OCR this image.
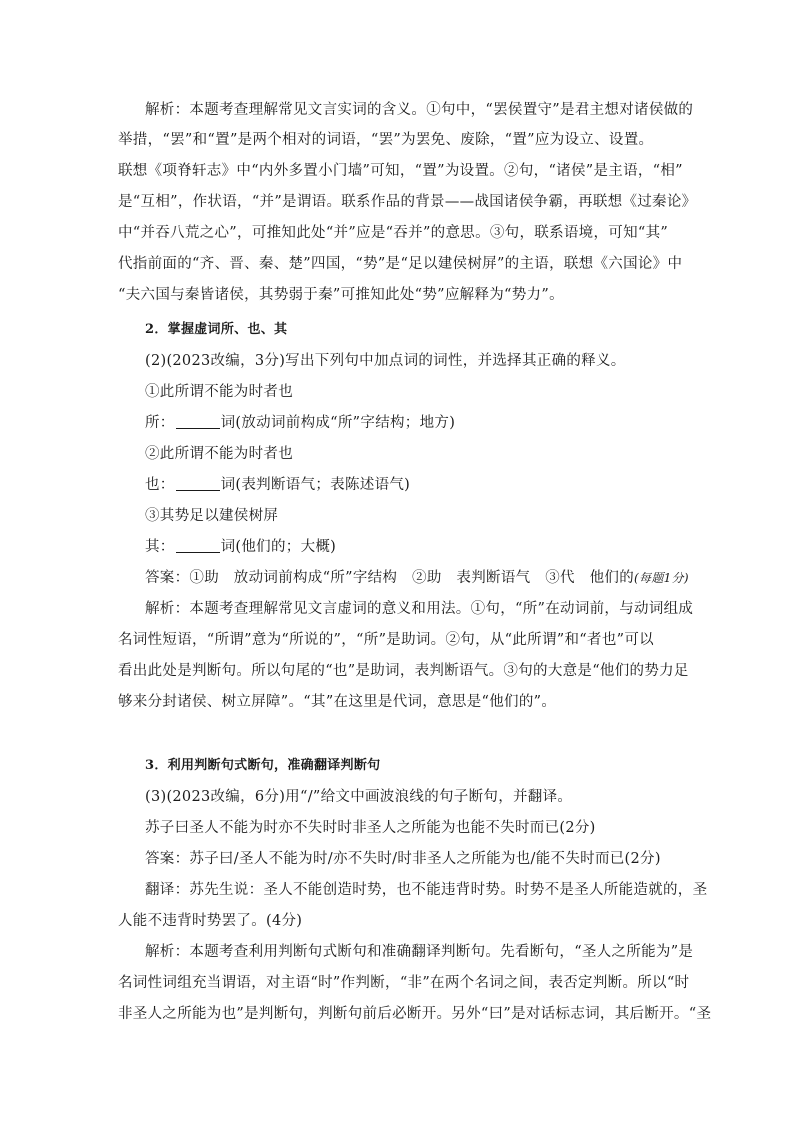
解析：本题考查理解常见文言实词的含义。①句中，“罢侯置守”是君主想对诸侯做的
举措，“罢”和“置”是两个相对的词语，“罢”为罢免、废除，“置”应为设立、设置。
联想《项脊轩志》中“内外多置小门墙”可知，“置”为设置。②句，“诸侯”是主语，“相”
是“互相”，作状语，“并”是谓语。联系作品的背景——战国诸侯争霸，再联想《过秦论》
中“并吞八荒之心”，可推知此处“并”应是“吞并”的意思。③句，联系语境，可知“其”
代指前面的“齐、晋、秦、楚”四国，“势”是“足以建侯树屏”的主语，联想《六国论》中
“夫六国与秦皆诸侯，其势弱于秦”可推知此处“势”应解释为“势力”。
2．掌握虚词所、也、其
(2)(2023改编，3分)写出下列句中加点词的词性，并选择其正确的释义。
①此所谓不能为时者也
所：	词(放动词前构成“所”字结构；地方)
②此所谓不能为时者也
也：	词(表判断语气；表陈述语气)
③其势足以建侯树屏
其：	词(他们的；大概)
答案：①助　放动词前构成“所”字结构　②助　表判断语气　③代　他们的(每题1分)
解析：本题考查理解常见文言虚词的意义和用法。①句，“所”在动词前，与动词组成
名词性短语，“所谓”意为“所说的”，“所”是助词。②句，从“此所谓”和“者也”可以
看出此处是判断句。所以句尾的“也”是助词，表判断语气。③句的大意是“他们的势力足
够来分封诸侯、树立屏障”。“其”在这里是代词，意思是“他们的”。
3．利用判断句式断句，准确翻译判断句
(3)(2023改编，6分)用“/”给文中画波浪线的句子断句，并翻译。
苏子曰圣人不能为时亦不失时时非圣人之所能为也能不失时而已(2分)
答案：苏子曰/圣人不能为时/亦不失时/时非圣人之所能为也/能不失时而已(2分)
翻译：苏先生说：圣人不能创造时势，也不能违背时势。时势不是圣人所能造就的，圣
人能不违背时势罢了。(4分)
解析：本题考查利用判断句式断句和准确翻译判断句。先看断句，“圣人之所能为”是
名词性词组充当谓语，对主语“时”作判断，“非”在两个名词之间，表否定判断。所以“时
非圣人之所能为也”是判断句，判断句前后必断开。另外“曰”是对话标志词，其后断开。“圣
